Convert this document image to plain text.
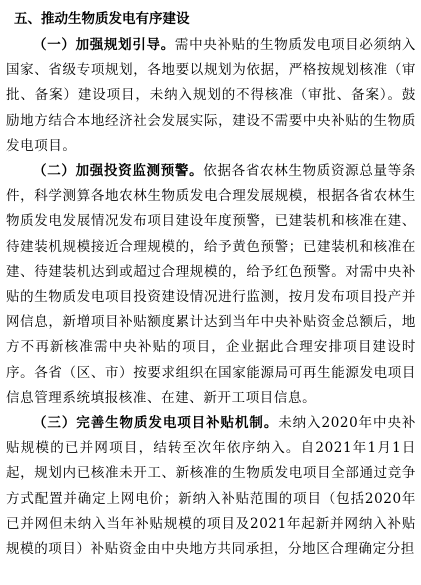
五、推动生物质发电有序建设

（一）加强规划引导。需中央补贴的生物质发电项目必须纳入国家、省级专项规划，各地要以规划为依据，严格按规划核准（审批、备案）建设项目，未纳入规划的不得核准（审批、备案）。鼓励地方结合本地经济社会发展实际，建设不需要中央补贴的生物质发电项目。

（二）加强投资监测预警。依据各省农林生物质资源总量等条件，科学测算各地农林生物质发电合理发展规模，根据各省农林生物质发电发展情况发布项目建设年度预警，已建装机和核准在建、待建装机规模接近合理规模的，给予黄色预警；已建装机和核准在建、待建装机达到或超过合理规模的，给予红色预警。对需中央补贴的生物质发电项目投资建设情况进行监测，按月发布项目投产并网信息，新增项目补贴额度累计达到当年中央补贴资金总额后，地方不再新核准需中央补贴的项目，企业据此合理安排项目建设时序。各省（区、市）按要求组织在国家能源局可再生能源发电项目信息管理系统填报核准、在建、新开工项目信息。

（三）完善生物质发电项目补贴机制。未纳入2020年中央补贴规模的已并网项目，结转至次年依序纳入。自2021年1月1日起，规划内已核准未开工、新核准的生物质发电项目全部通过竞争方式配置并确定上网电价；新纳入补贴范围的项目（包括2020年已并网但未纳入当年补贴规模的项目及2021年起新并网纳入补贴规模的项目）补贴资金由中央地方共同承担，分地区合理确定分担
